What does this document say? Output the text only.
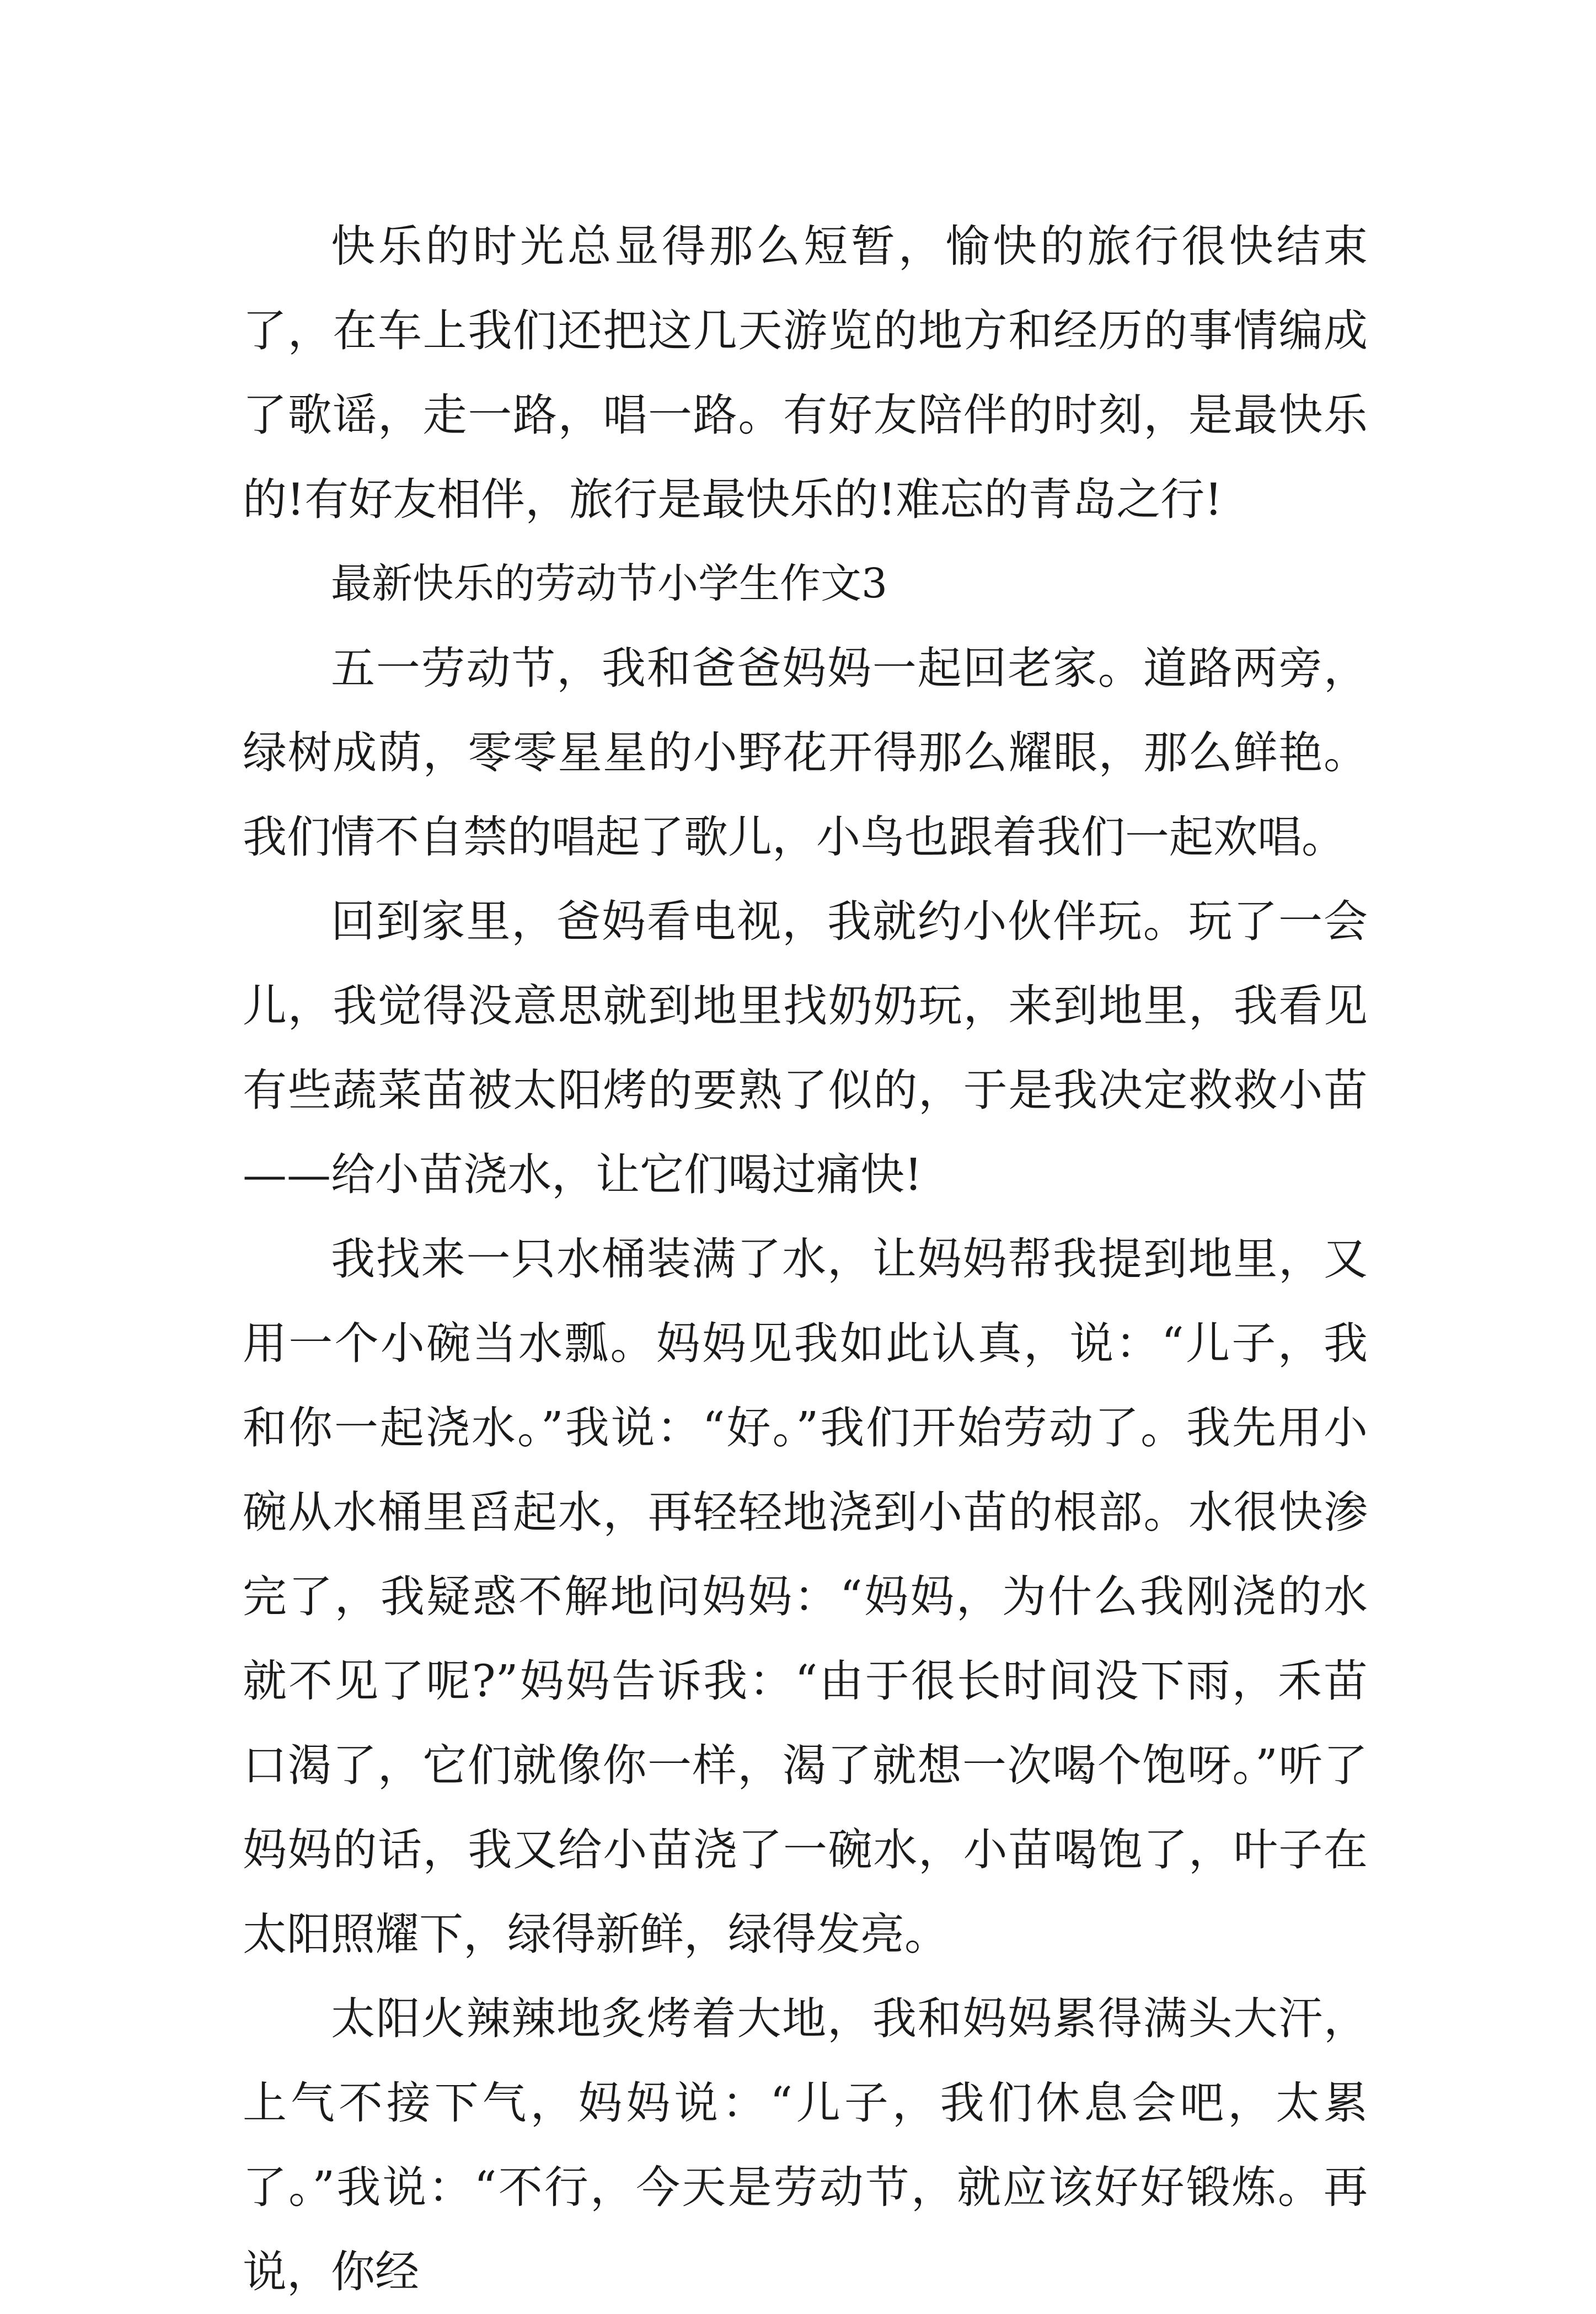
快乐的时光总显得那么短暂，愉快的旅行很快结束了，在车上我们还把这几天游览的地方和经历的事情编成了歌谣，走一路，唱一路。有好友陪伴的时刻，是最快乐的!有好友相伴，旅行是最快乐的!难忘的青岛之行!

最新快乐的劳动节小学生作文3

五一劳动节，我和爸爸妈妈一起回老家。道路两旁，绿树成荫，零零星星的小野花开得那么耀眼，那么鲜艳。我们情不自禁的唱起了歌儿，小鸟也跟着我们一起欢唱。

回到家里，爸妈看电视，我就约小伙伴玩。玩了一会儿，我觉得没意思就到地里找奶奶玩，来到地里，我看见有些蔬菜苗被太阳烤的要熟了似的，于是我决定救救小苗——给小苗浇水，让它们喝过痛快!

我找来一只水桶装满了水，让妈妈帮我提到地里，又用一个小碗当水瓢。妈妈见我如此认真，说：“儿子，我和你一起浇水。”我说：“好。”我们开始劳动了。我先用小碗从水桶里舀起水，再轻轻地浇到小苗的根部。水很快渗完了，我疑惑不解地问妈妈：“妈妈，为什么我刚浇的水就不见了呢?”妈妈告诉我：“由于很长时间没下雨，禾苗口渴了，它们就像你一样，渴了就想一次喝个饱呀。”听了妈妈的话，我又给小苗浇了一碗水，小苗喝饱了，叶子在太阳照耀下，绿得新鲜，绿得发亮。

太阳火辣辣地炙烤着大地，我和妈妈累得满头大汗，上气不接下气，妈妈说：“儿子，我们休息会吧，太累了。”我说：“不行，今天是劳动节，就应该好好锻炼。再说，你经
